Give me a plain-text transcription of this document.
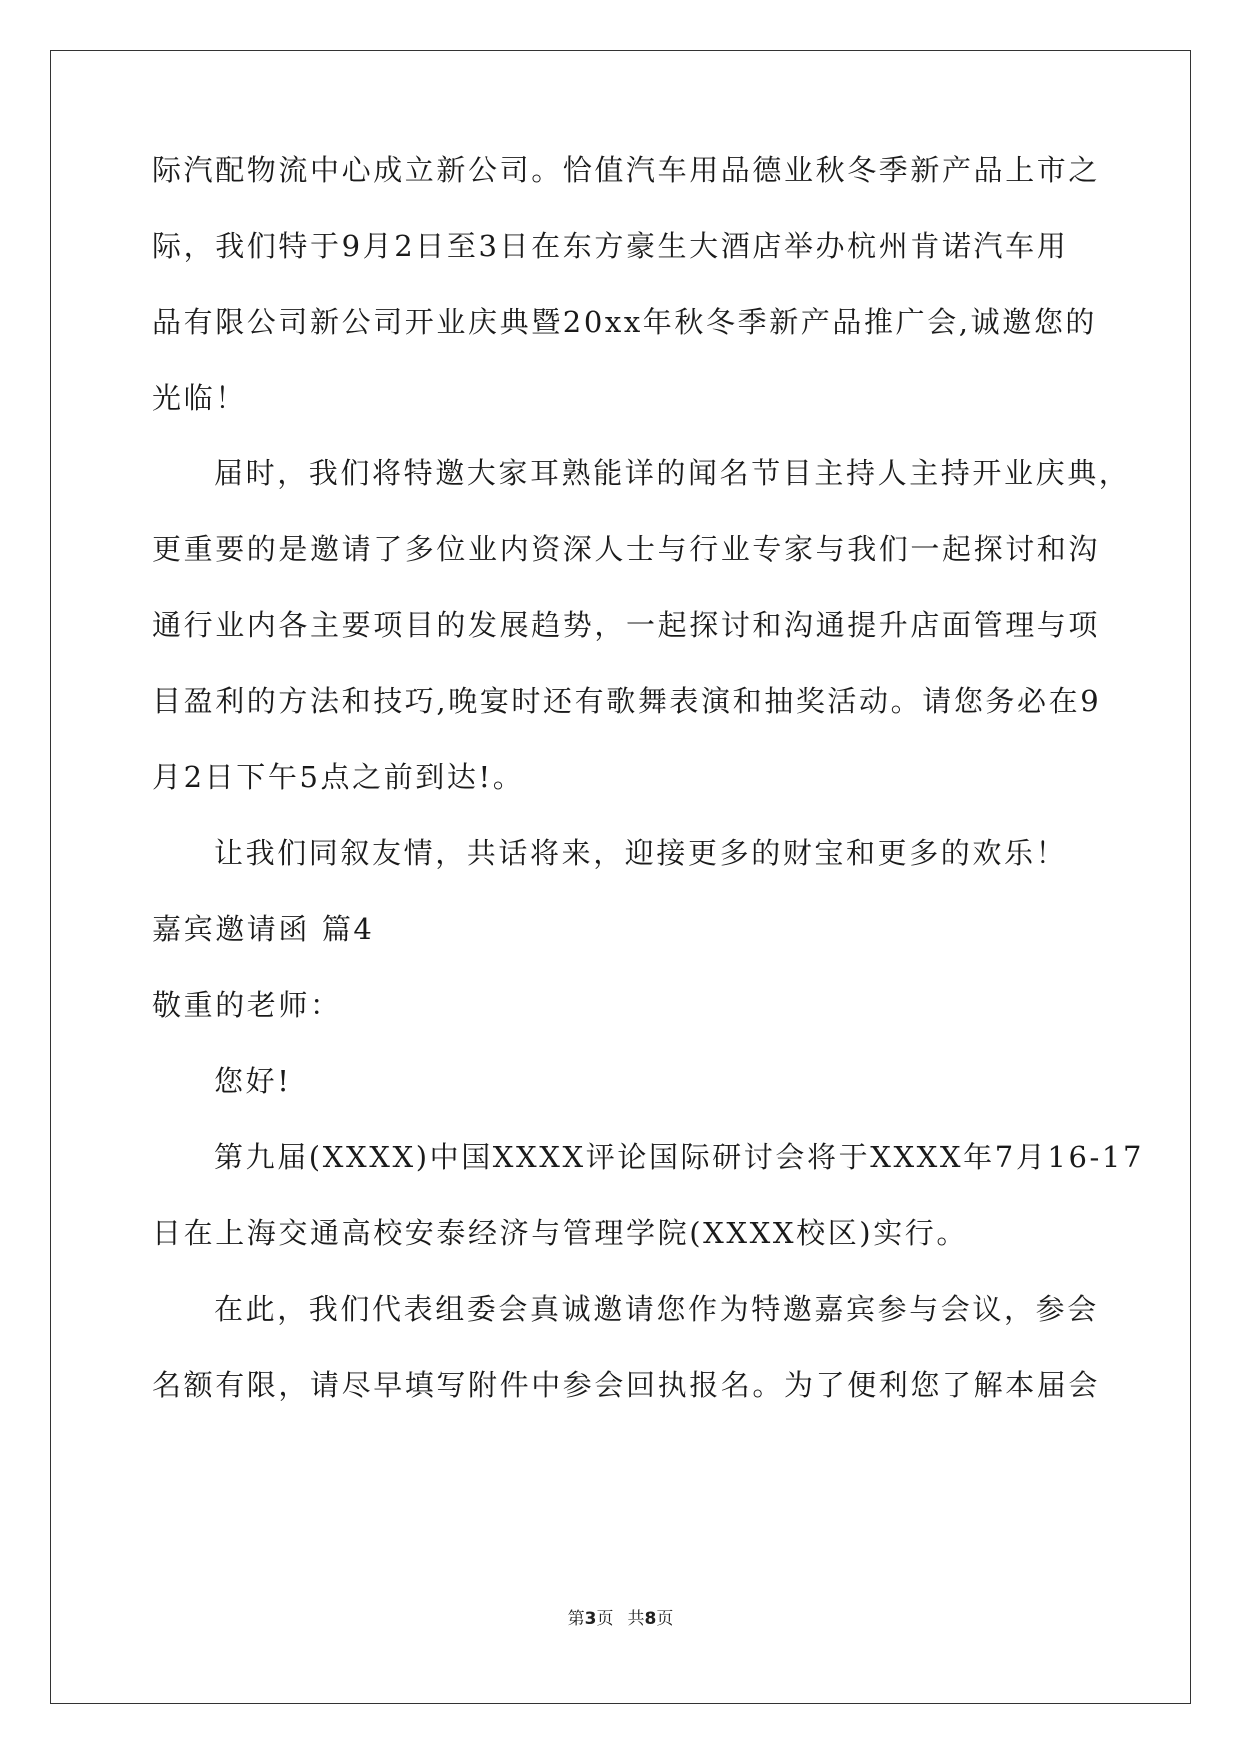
际汽配物流中心成立新公司。恰值汽车用品德业秋冬季新产品上市之
际，我们特于9月2日至3日在东方豪生大酒店举办杭州肯诺汽车用
品有限公司新公司开业庆典暨20xx年秋冬季新产品推广会,诚邀您的
光临！
届时，我们将特邀大家耳熟能详的闻名节目主持人主持开业庆典，
更重要的是邀请了多位业内资深人士与行业专家与我们一起探讨和沟
通行业内各主要项目的发展趋势，一起探讨和沟通提升店面管理与项
目盈利的方法和技巧,晚宴时还有歌舞表演和抽奖活动。请您务必在9
月2日下午5点之前到达!。
让我们同叙友情，共话将来，迎接更多的财宝和更多的欢乐！
嘉宾邀请函 篇4
敬重的老师：
您好!
第九届(XXXX)中国XXXX评论国际研讨会将于XXXX年7月16-17
日在上海交通高校安泰经济与管理学院(XXXX校区)实行。
在此，我们代表组委会真诚邀请您作为特邀嘉宾参与会议，参会
名额有限，请尽早填写附件中参会回执报名。为了便利您了解本届会
第3页 共8页
